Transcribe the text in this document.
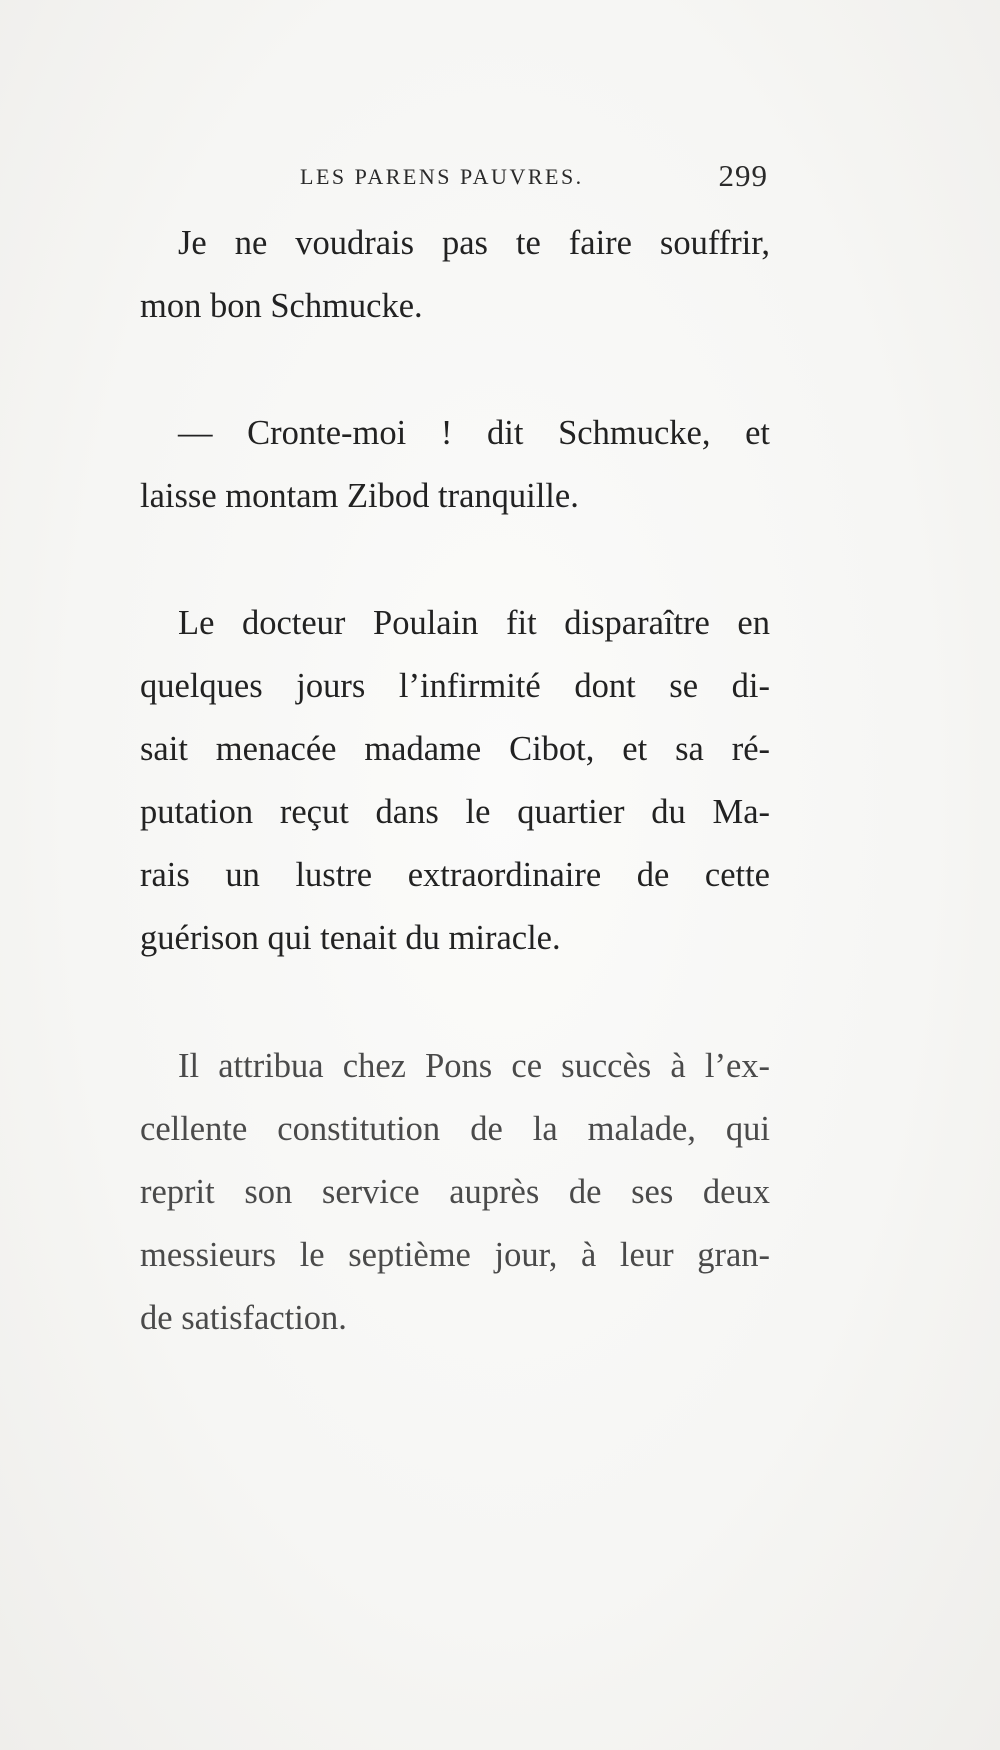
LES PARENS PAUVRES.	299
Je ne voudrais pas te faire souffrir,
mon bon Schmucke.
— Cronte-moi ! dit Schmucke, et
laisse montam Zibod tranquille.
Le docteur Poulain fit disparaître en
quelques jours l’infirmité dont se di-
sait menacée madame Cibot, et sa ré-
putation reçut dans le quartier du Ma-
rais un lustre extraordinaire de cette
guérison qui tenait du miracle.
Il attribua chez Pons ce succès à l’ex-
cellente constitution de la malade, qui
reprit son service auprès de ses deux
messieurs le septième jour, à leur gran-
de satisfaction.
